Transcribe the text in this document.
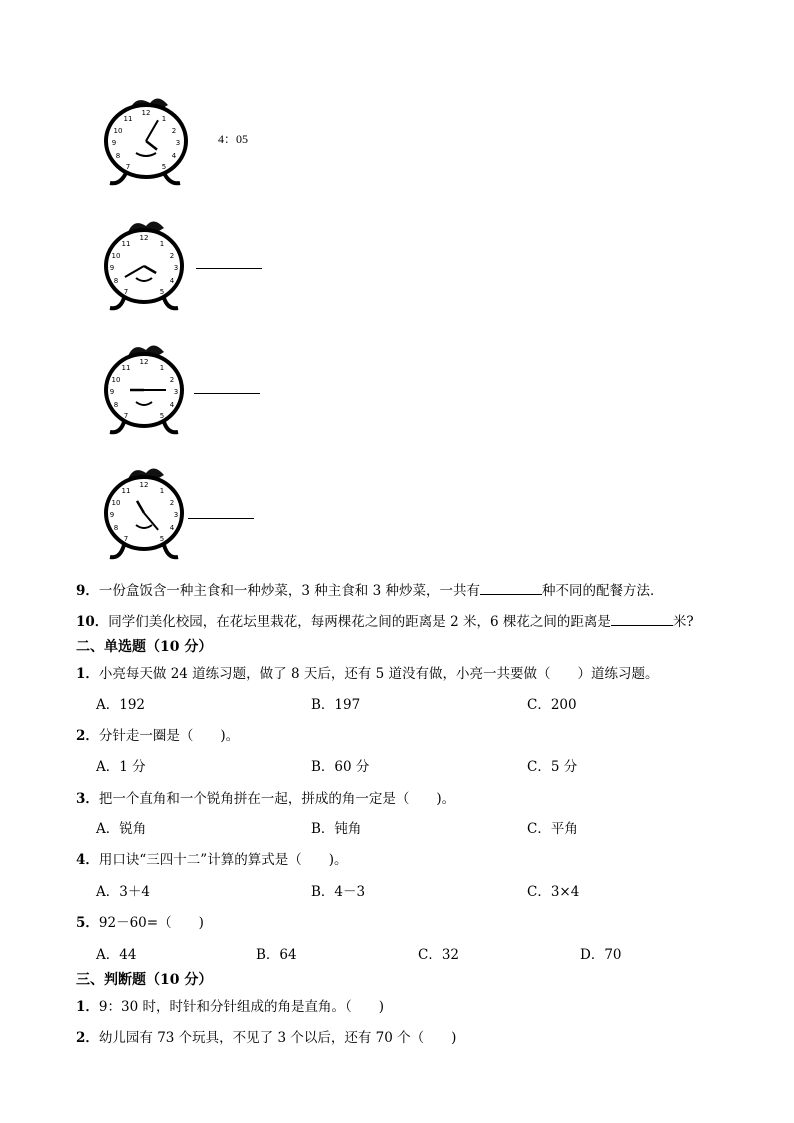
12
1
2
3
4
5
7
8
9
10
11
4：05
12
1
2
3
4
5
7
8
9
10
11
12
1
2
3
4
5
7
8
9
10
11
12
1
2
3
4
5
7
8
9
10
11
9．一份盒饭含一种主食和一种炒菜，3 种主食和 3 种炒菜，一共有	种不同的配餐方法．
10．同学们美化校园，在花坛里栽花，每两棵花之间的距离是 2 米，6 棵花之间的距离是	米?
二、单选题（10 分）
1．小亮每天做 24 道练习题，做了 8 天后，还有 5 道没有做，小亮一共要做（　　）道练习题。
A．192	B．197	C．200
2．分针走一圈是（　　)。
A．1 分	B．60 分	C．5 分
3．把一个直角和一个锐角拼在一起，拼成的角一定是（　　)。
A．锐角	B．钝角	C．平角
4．用口诀“三四十二”计算的算式是（　　)。
A．3＋4	B．4－3	C．3×4
5．92－60=（　　)
A．44	B．64	C．32	D．70
三、判断题（10 分）
1．9：30 时，时针和分针组成的角是直角。（　　)
2．幼儿园有 73 个玩具，不见了 3 个以后，还有 70 个（　　)
